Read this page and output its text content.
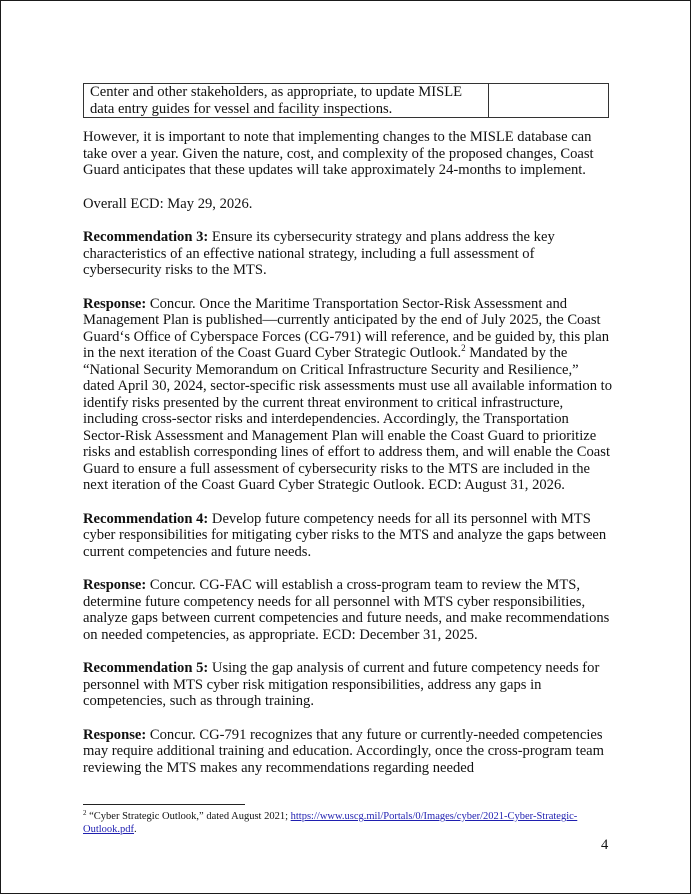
Center and other stakeholders, as appropriate, to update MISLE data entry guides for vessel and facility inspections.	

However, it is important to note that implementing changes to the MISLE database can take over a year. Given the nature, cost, and complexity of the proposed changes, Coast Guard anticipates that these updates will take approximately 24-months to implement.

Overall ECD: May 29, 2026.

Recommendation 3: Ensure its cybersecurity strategy and plans address the key characteristics of an effective national strategy, including a full assessment of cybersecurity risks to the MTS.

Response: Concur. Once the Maritime Transportation Sector-Risk Assessment and Management Plan is published—currently anticipated by the end of July 2025, the Coast Guard‘s Office of Cyberspace Forces (CG-791) will reference, and be guided by, this plan in the next iteration of the Coast Guard Cyber Strategic Outlook.$^2$ Mandated by the “National Security Memorandum on Critical Infrastructure Security and Resilience,” dated April 30, 2024, sector-specific risk assessments must use all available information to identify risks presented by the current threat environment to critical infrastructure, including cross-sector risks and interdependencies. Accordingly, the Transportation Sector-Risk Assessment and Management Plan will enable the Coast Guard to prioritize risks and establish corresponding lines of effort to address them, and will enable the Coast Guard to ensure a full assessment of cybersecurity risks to the MTS are included in the next iteration of the Coast Guard Cyber Strategic Outlook. ECD: August 31, 2026.

Recommendation 4: Develop future competency needs for all its personnel with MTS cyber responsibilities for mitigating cyber risks to the MTS and analyze the gaps between current competencies and future needs.

Response: Concur. CG-FAC will establish a cross-program team to review the MTS, determine future competency needs for all personnel with MTS cyber responsibilities, analyze gaps between current competencies and future needs, and make recommendations on needed competencies, as appropriate. ECD: December 31, 2025.

Recommendation 5: Using the gap analysis of current and future competency needs for personnel with MTS cyber risk mitigation responsibilities, address any gaps in competencies, such as through training.

Response: Concur. CG-791 recognizes that any future or currently-needed competencies may require additional training and education. Accordingly, once the cross-program team reviewing the MTS makes any recommendations regarding needed

$^2$ “Cyber Strategic Outlook,” dated August 2021; https://www.uscg.mil/Portals/0/Images/cyber/2021-Cyber-Strategic-Outlook.pdf.
4
